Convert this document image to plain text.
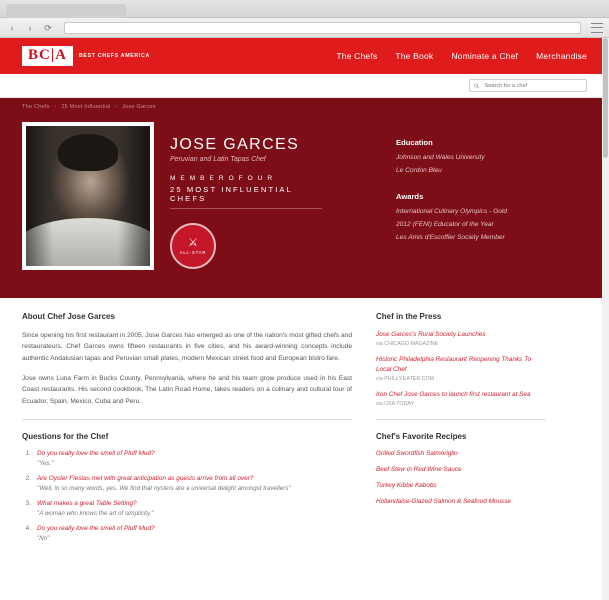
‹	›	⟳
BC|A	BEST CHEFS AMERICA	The Chefs The Book Nominate a Chef Merchandise
Search for a chef
The Chefs › 25 Most Influential › Jose Garces
JOSE GARCES
Peruvian and Latin Tapas Chef
M E M B E R O F O U R
25 MOST INFLUENTIAL CHEFS
⚔
ALL-STAR
Education
Johnson and Wales University
Le Cordon Bleu
Awards
International Culinary Olympics - Gold
2012 (FENI) Educator of the Year
Les Amis d'Escoffier Society Member
About Chef Jose Garces

Since opening his first restaurant in 2005, Jose Garces has emerged as one of the nation's most gifted chefs and restaurateurs. Chef Garces owns fifteen restaurants in five cities, and his award-winning concepts include authentic Andalusian tapas and Peruvian small plates, modern Mexican street food and European bistro fare.

Jose owns Luna Farm in Bucks County, Pennsylvania, where he and his team grow produce used in his East Coast restaurants. His second cookbook, The Latin Road Home, takes readers on a culinary and cultural tour of Ecuador, Spain, Mexico, Cuba and Peru.

Questions for the Chef
1. Do you really love the smell of Pluff Mud?
"Yes."
2. Are Oyster Fiestas met with great anticipation as guests arrive from all over?
"Well, in so many words, yes. We find that oysters are a universal delight amongst travellers"
3. What makes a great Table Setting?
"A woman who knows the art of simplicity."
4. Do you really love the smell of Pluff Mud?
"No"
Chef in the Press
Jose Garces's Rural Society Launches
via CHICAGO MAGAZINE
Historic Philadelphia Restaurant Reopening Thanks To Local Chef
via PHILLY.EATER.COM
Iron Chef Jose Garces to launch first restaurant at Sea
via USA TODAY
Chef's Favorite Recipes
Grilled Swordfish Salmoriglio
Beef Stew in Red Wine Sauce
Turkey Kibbe Kabobs
Hollandaise-Glazed Salmon & Seafood Mousse
